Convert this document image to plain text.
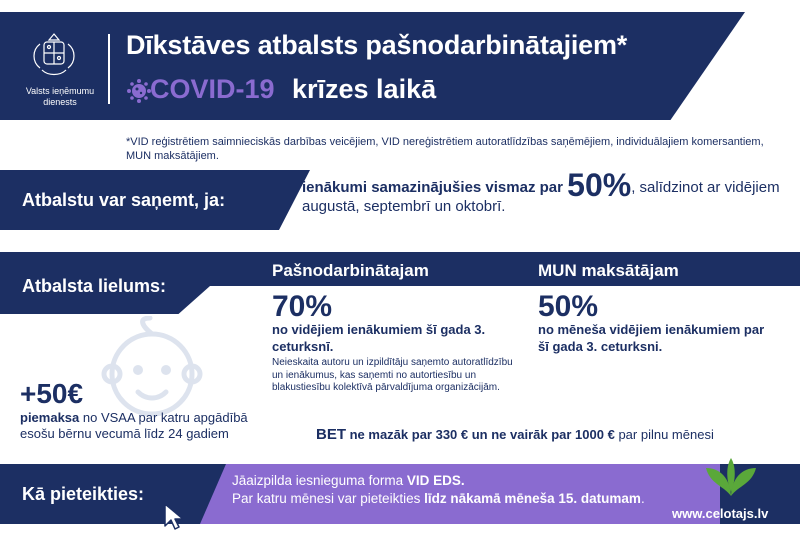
Valsts ieņēmumu dienests
Dīkstāves atbalsts pašnodarbinātajiem*
COVID-19 krīzes laikā
*VID reģistrētiem saimnieciskās darbības veicējiem, VID nereģistrētiem autoratlīdzības saņēmējiem, individuālajiem komersantiem, MUN maksātājiem.
Atbalstu var saņemt, ja:
ienākumi samazinājušies vismaz par 50%, salīdzinot ar vidējiem augustā, septembrī un oktobrī.
Atbalsta lielums:
Pašnodarbinātajam	MUN maksātājam
70%
no vidējiem ienākumiem šī gada 3. ceturksnī.
Neieskaita autoru un izpildītāju saņemto autoratlīdzību un ienākumus, kas saņemti no autortiesību un blakustiesību kolektīvā pārvaldījuma organizācijām.
50%
no mēneša vidējiem ienākumiem par šī gada 3. ceturksni.
+50€
piemaksa no VSAA par katru apgādībā esošu bērnu vecumā līdz 24 gadiem	BET ne mazāk par 330 € un ne vairāk par 1000 € par pilnu mēnesi
Kā pieteikties:
Jāaizpilda iesnieguma forma VID EDS.
Par katru mēnesi var pieteikties līdz nākamā mēneša 15. datumam.
www.celotajs.lv
